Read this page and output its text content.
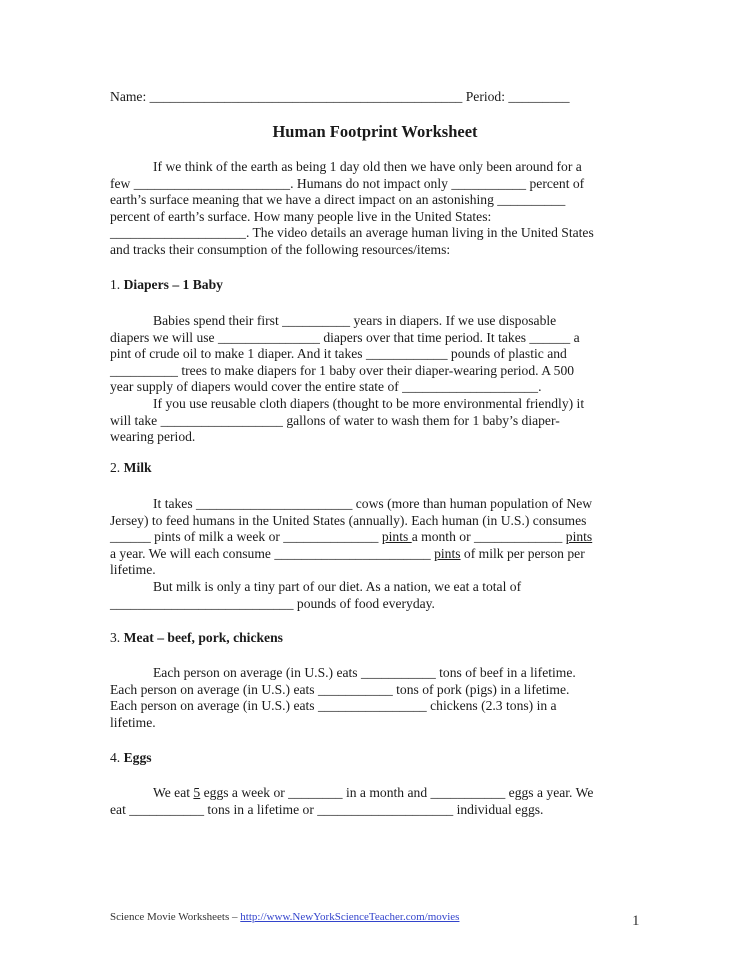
Name: ______________________________________________ Period: _________
Human Footprint Worksheet
If we think of the earth as being 1 day old then we have only been around for a
few _______________________. Humans do not impact only ___________ percent of
earth’s surface meaning that we have a direct impact on an astonishing __________
percent of earth’s surface. How many people live in the United States:
____________________. The video details an average human living in the United States
and tracks their consumption of the following resources/items:
1. Diapers – 1 Baby
Babies spend their first __________ years in diapers. If we use disposable
diapers we will use _______________ diapers over that time period. It takes ______ a
pint of crude oil to make 1 diaper. And it takes ____________ pounds of plastic and
__________ trees to make diapers for 1 baby over their diaper-wearing period. A 500
year supply of diapers would cover the entire state of ____________________.
If you use reusable cloth diapers (thought to be more environmental friendly) it
will take __________________ gallons of water to wash them for 1 baby’s diaper-
wearing period.
2. Milk
It takes _______________________ cows (more than human population of New
Jersey) to feed humans in the United States (annually). Each human (in U.S.) consumes
______ pints of milk a week or ______________ pints a month or _____________ pints
a year. We will each consume _______________________ pints of milk per person per
lifetime.
But milk is only a tiny part of our diet. As a nation, we eat a total of
___________________________ pounds of food everyday.
3. Meat – beef, pork, chickens
Each person on average (in U.S.) eats ___________ tons of beef in a lifetime.
Each person on average (in U.S.) eats ___________ tons of pork (pigs) in a lifetime.
Each person on average (in U.S.) eats ________________ chickens (2.3 tons) in a
lifetime.
4. Eggs
We eat 5 eggs a week or ________ in a month and ___________ eggs a year. We
eat ___________ tons in a lifetime or ____________________ individual eggs.
Science Movie Worksheets – http://www.NewYorkScienceTeacher.com/movies	1
